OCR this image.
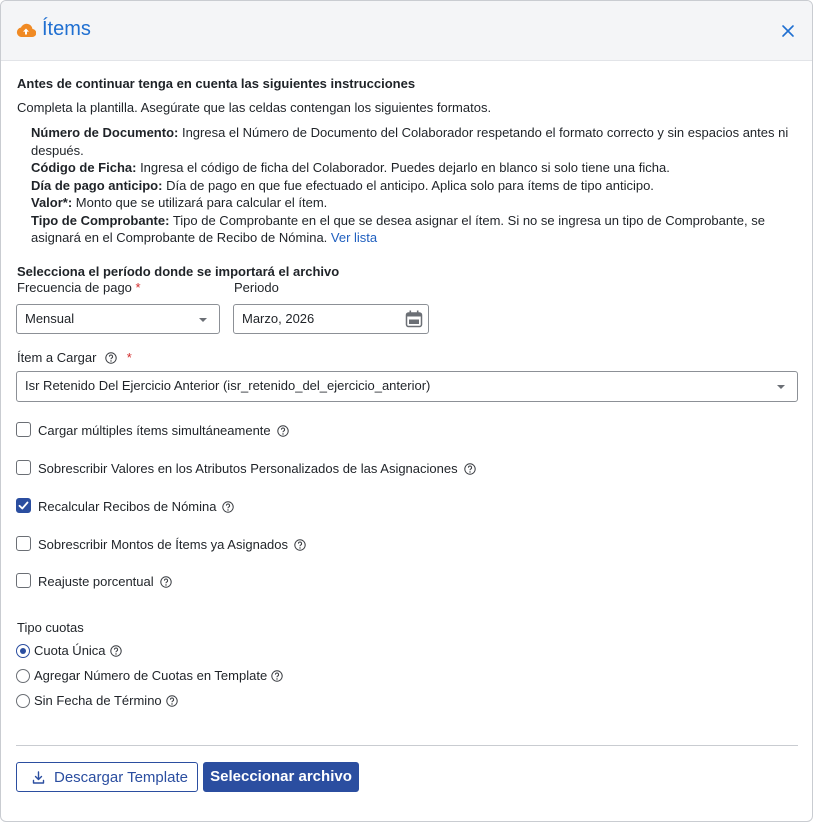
Ítems
Antes de continuar tenga en cuenta las siguientes instrucciones
Completa la plantilla. Asegúrate que las celdas contengan los siguientes formatos.

Número de Documento: Ingresa el Número de Documento del Colaborador respetando el formato correcto y sin espacios antes ni después.

Código de Ficha: Ingresa el código de ficha del Colaborador. Puedes dejarlo en blanco si solo tiene una ficha.

Día de pago anticipo: Día de pago en que fue efectuado el anticipo. Aplica solo para ítems de tipo anticipo.

Valor*: Monto que se utilizará para calcular el ítem.

Tipo de Comprobante: Tipo de Comprobante en el que se desea asignar el ítem. Si no se ingresa un tipo de Comprobante, se asignará en el Comprobante de Recibo de Nómina. Ver lista

Selecciona el período donde se importará el archivo
Frecuencia de pago *	Periodo
Mensual	Marzo, 2026
Ítem a Cargar *
Isr Retenido Del Ejercicio Anterior (isr_retenido_del_ejercicio_anterior)
Cargar múltiples ítems simultáneamente
Sobrescribir Valores en los Atributos Personalizados de las Asignaciones
Recalcular Recibos de Nómina
Sobrescribir Montos de Ítems ya Asignados
Reajuste porcentual
Tipo cuotas
Cuota Única
Agregar Número de Cuotas en Template
Sin Fecha de Término
Descargar Template	Seleccionar archivo
